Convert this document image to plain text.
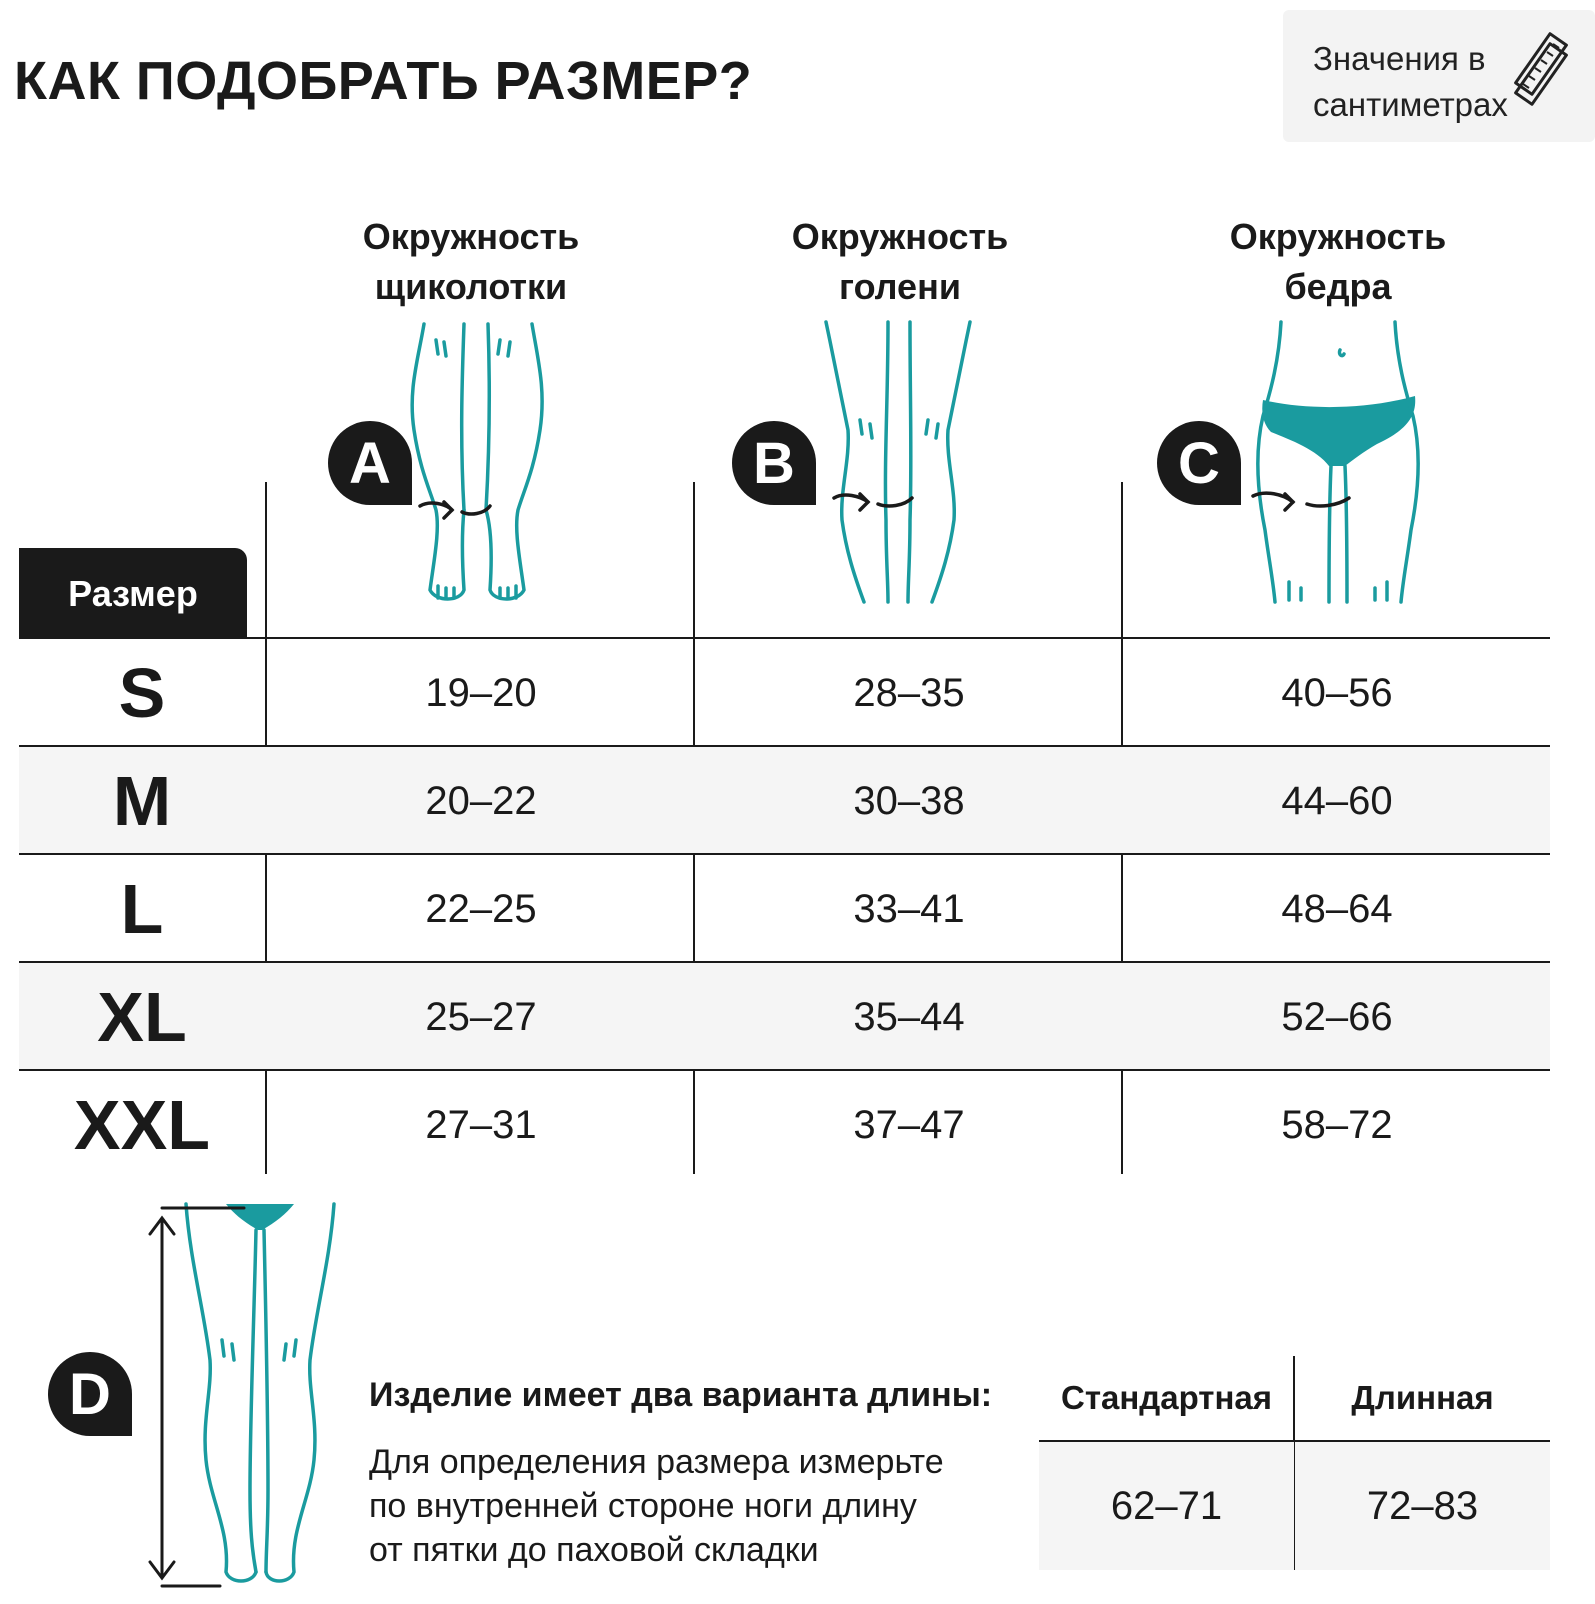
КАК ПОДОБРАТЬ РАЗМЕР?	Значения в
сантиметрах
Окружность
щиколотки
Окружность
голени
Окружность
бедра
A	B	C
D
Размер
S	19–20	28–35	40–56
M	20–22	30–38	44–60
L	22–25	33–41	48–64
XL	25–27	35–44	52–66
XXL	27–31	37–47	58–72
Изделие имеет два варианта длины:
Для определения размера измерьте
по внутренней стороне ноги длину
от пятки до паховой складки
Стандартная	Длинная
62–71	72–83
